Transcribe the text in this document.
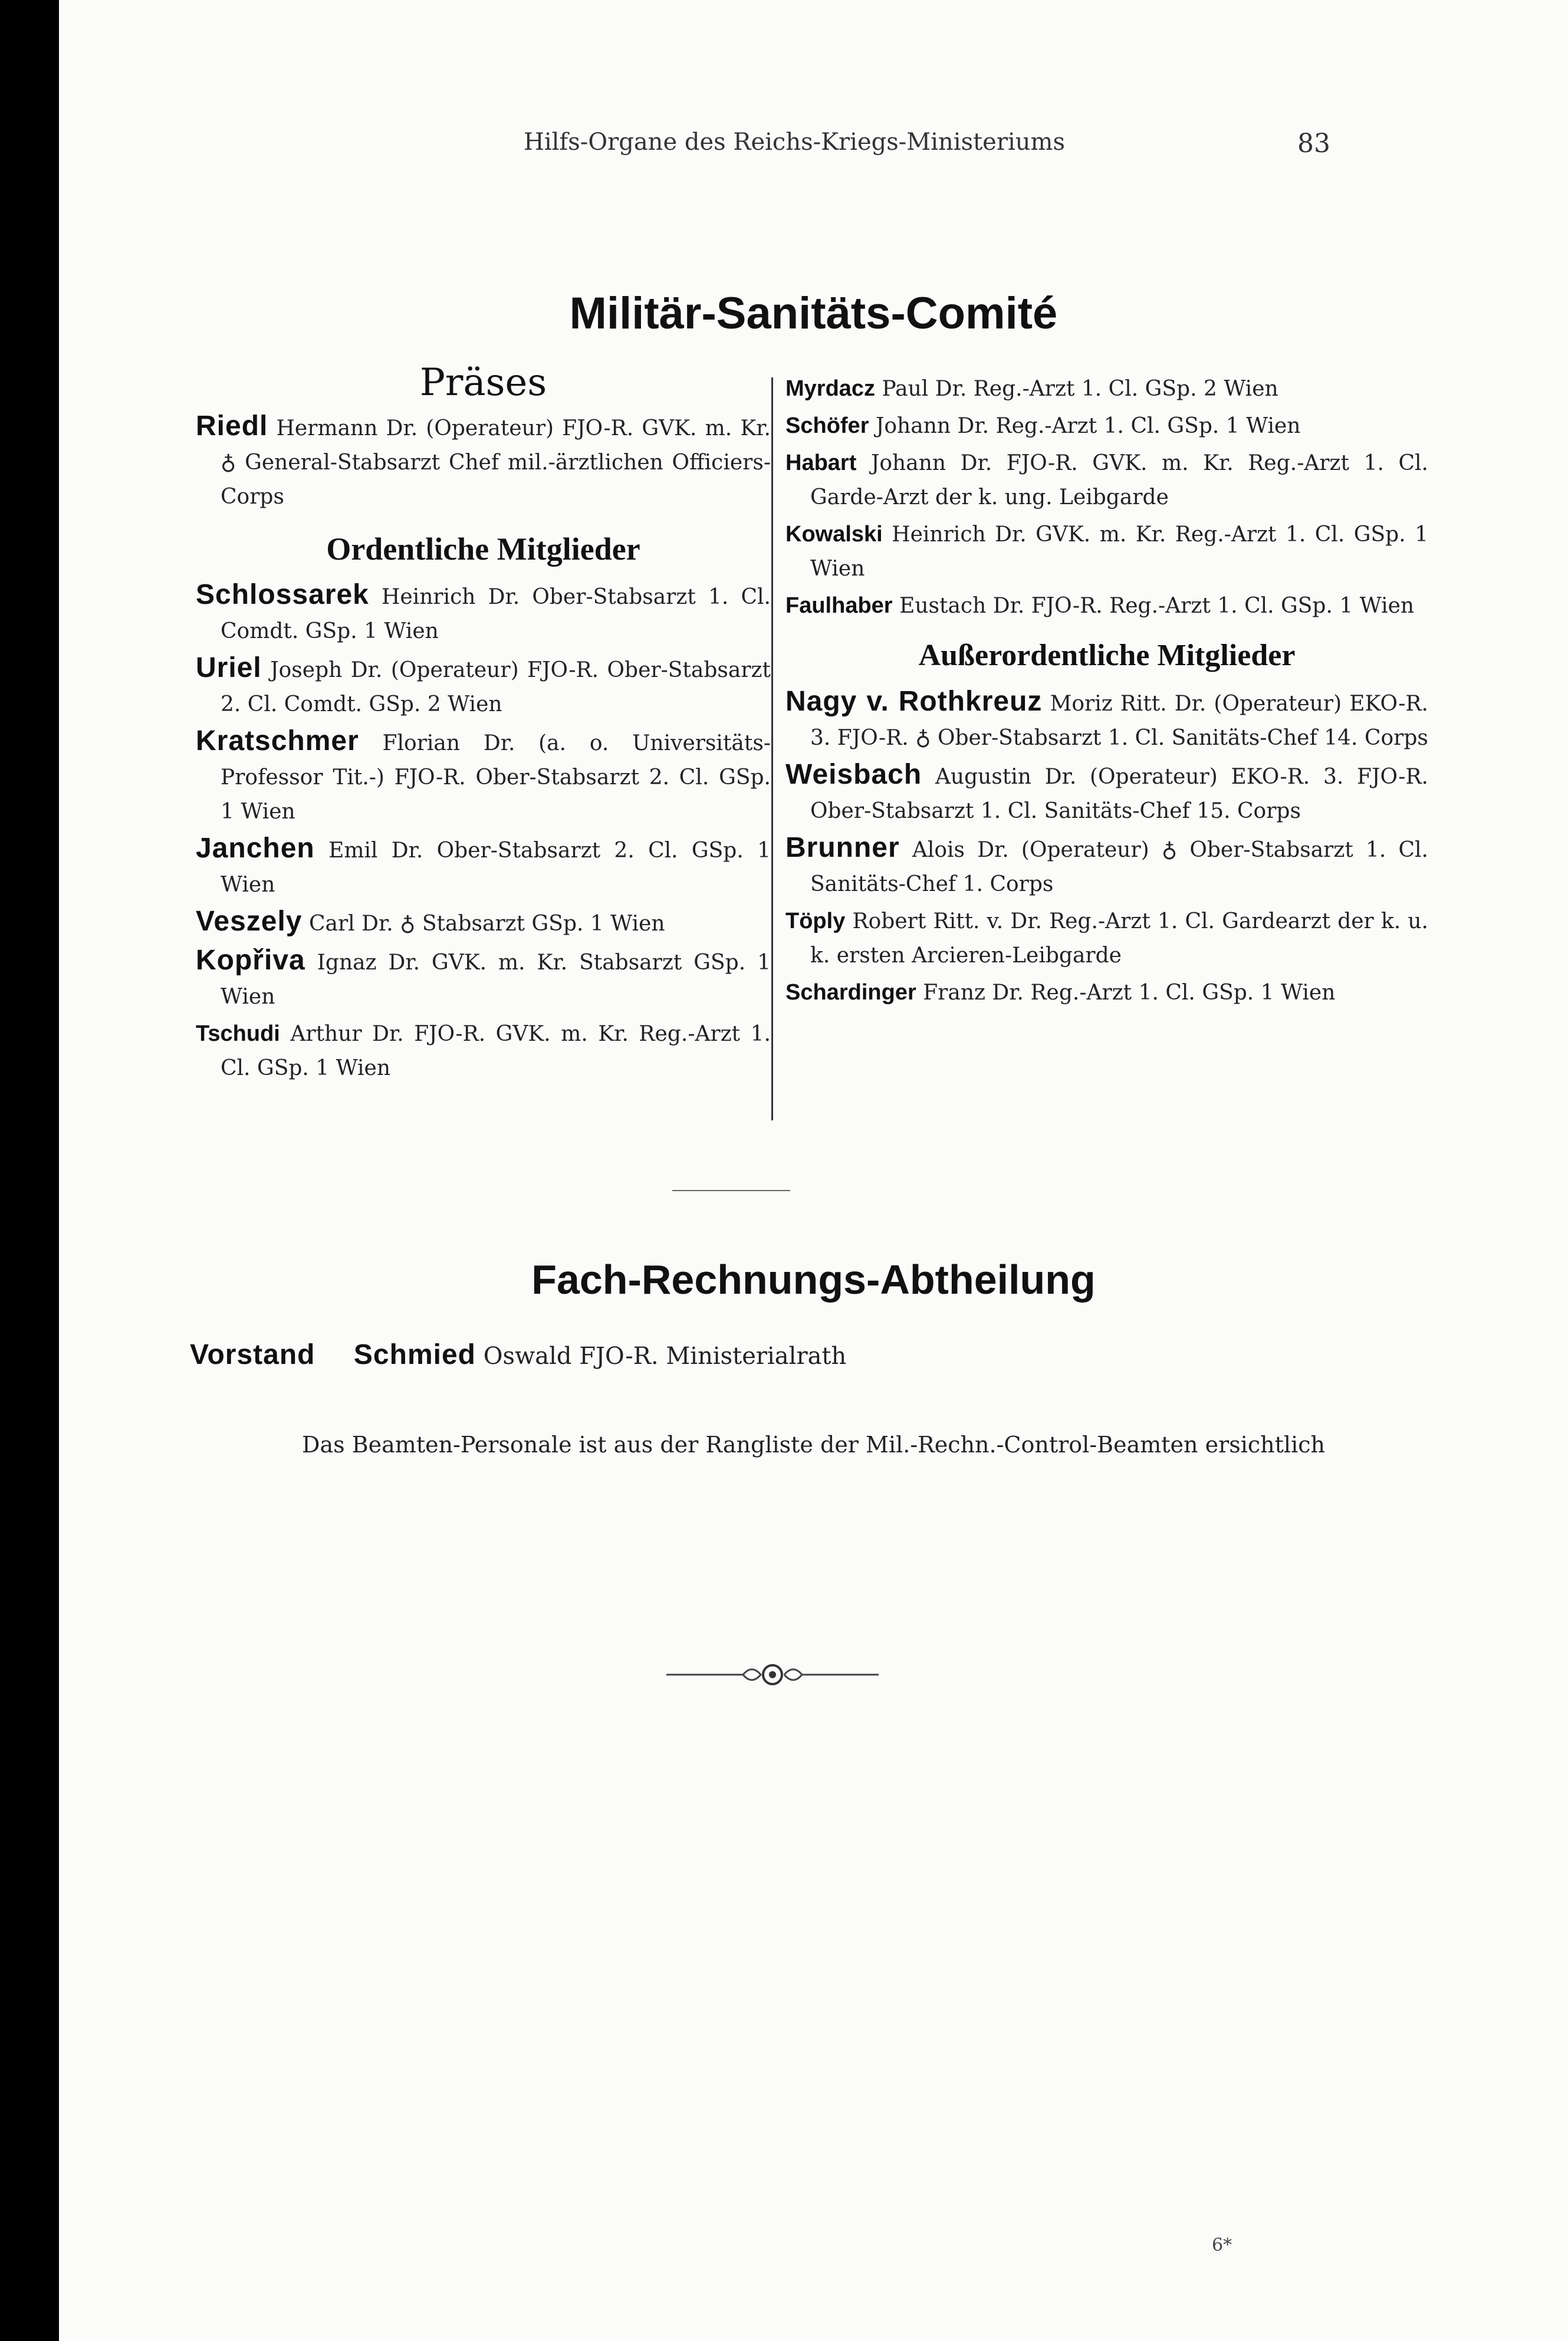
Hilfs-Organe des Reichs-Kriegs-Ministeriums	83
Militär-Sanitäts-Comité
Präses

Riedl Hermann Dr. (Operateur) FJO-R. GVK. m. Kr. ♁ General-Stabsarzt Chef mil.-ärztlichen Officiers-Corps

Ordentliche Mitglieder

Schlossarek Heinrich Dr. Ober-Stabsarzt 1. Cl. Comdt. GSp. 1 Wien

Uriel Joseph Dr. (Operateur) FJO-R. Ober-Stabsarzt 2. Cl. Comdt. GSp. 2 Wien

Kratschmer Florian Dr. (a. o. Universitäts-Professor Tit.-) FJO-R. Ober-Stabsarzt 2. Cl. GSp. 1 Wien

Janchen Emil Dr. Ober-Stabsarzt 2. Cl. GSp. 1 Wien

Veszely Carl Dr. ♁ Stabsarzt GSp. 1 Wien

Kopřiva Ignaz Dr. GVK. m. Kr. Stabsarzt GSp. 1 Wien

Tschudi Arthur Dr. FJO-R. GVK. m. Kr. Reg.-Arzt 1. Cl. GSp. 1 Wien

Myrdacz Paul Dr. Reg.-Arzt 1. Cl. GSp. 2 Wien

Schöfer Johann Dr. Reg.-Arzt 1. Cl. GSp. 1 Wien

Habart Johann Dr. FJO-R. GVK. m. Kr. Reg.-Arzt 1. Cl. Garde-Arzt der k. ung. Leibgarde

Kowalski Heinrich Dr. GVK. m. Kr. Reg.-Arzt 1. Cl. GSp. 1 Wien

Faulhaber Eustach Dr. FJO-R. Reg.-Arzt 1. Cl. GSp. 1 Wien

Außerordentliche Mitglieder

Nagy v. Rothkreuz Moriz Ritt. Dr. (Operateur) EKO-R. 3. FJO-R. ♁ Ober-Stabsarzt 1. Cl. Sanitäts-Chef 14. Corps

Weisbach Augustin Dr. (Operateur) EKO-R. 3. FJO-R. Ober-Stabsarzt 1. Cl. Sanitäts-Chef 15. Corps

Brunner Alois Dr. (Operateur) ♁ Ober-Stabsarzt 1. Cl. Sanitäts-Chef 1. Corps

Töply Robert Ritt. v. Dr. Reg.-Arzt 1. Cl. Gardearzt der k. u. k. ersten Arcieren-Leibgarde

Schardinger Franz Dr. Reg.-Arzt 1. Cl. GSp. 1 Wien

Fach-Rechnungs-Abtheilung
Vorstand Schmied Oswald FJO-R. Ministerialrath
Das Beamten-Personale ist aus der Rangliste der Mil.-Rechn.-Control-Beamten ersichtlich
6*
